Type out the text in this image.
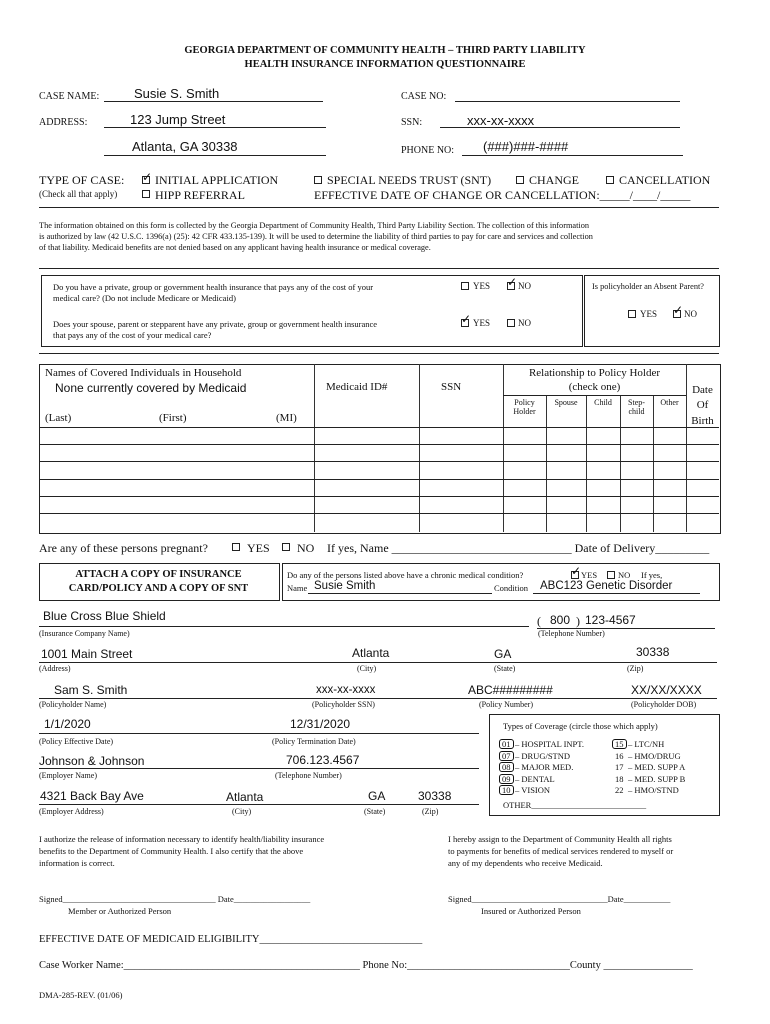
GEORGIA DEPARTMENT OF COMMUNITY HEALTH – THIRD PARTY LIABILITY
HEALTH INSURANCE INFORMATION QUESTIONNAIRE
CASE NAME:	Susie S. Smith	CASE NO:
ADDRESS:	123 Jump Street
Atlanta, GA 30338
SSN:	xxx-xx-xxxx
PHONE NO: (###)###-####
TYPE OF CASE:
(Check all that apply)
✓ INITIAL APPLICATION
HIPP REFERRAL
SPECIAL NEEDS TRUST (SNT)	CHANGE	CANCELLATION
EFFECTIVE DATE OF CHANGE OR CANCELLATION:_____/____/_____
The information obtained on this form is collected by the Georgia Department of Community Health, Third Party Liability Section. The collection of this information
is authorized by law (42 U.S.C. 1396(a) (25): 42 CFR 433.135-139). It will be used to determine the liability of third parties to pay for care and services and collection
of that liability. Medicaid benefits are not denied based on any applicant having health insurance or medical coverage.
Do you have a private, group or government health insurance that pays any of the cost of your
medical care? (Do not include Medicare or Medicaid)
YES ✓ NO
Does your spouse, parent or stepparent have any private, group or government health insurance
that pays any of the cost of your medical care?
✓ YES	NO
Is policyholder an Absent Parent?
YES ✓ NO
Names of Covered Individuals in Household
None currently covered by Medicaid
(Last)	(First)	(MI)
Medicaid ID#	SSN
Relationship to Policy Holder
(check one)
Policy
Holder
Spouse	Child	Step-
child
Other
Date
Of
Birth
Are any of these persons pregnant?	YES NO If yes, Name ______________________________ Date of Delivery_________
ATTACH A COPY OF INSURANCE
CARD/POLICY AND A COPY OF SNT
Do any of the persons listed above have a chronic medical condition?	✓ YES NO If yes,
Name Susie Smith	Condition ABC123 Genetic Disorder
Blue Cross Blue Shield
(Insurance Company Name)
( 800 ) 123-4567
(Telephone Number)
1001 Main Street
(Address)
Atlanta
(City)
GA
(State)
30338
(Zip)
Sam S. Smith
(Policyholder Name)
xxx-xx-xxxx
(Policyholder SSN)
ABC#########
(Policy Number)
XX/XX/XXXX
(Policyholder DOB)
1/1/2020
(Policy Effective Date)
12/31/2020
(Policy Termination Date)
Johnson & Johnson
(Employer Name)
706.123.4567
(Telephone Number)
4321 Back Bay Ave
(Employer Address)
Atlanta
(City)
GA
(State)
30338
(Zip)
Types of Coverage (circle those which apply)
01 – HOSPITAL INPT.
07 – DRUG/STND
08 – MAJOR MED.
09 – DENTAL
10 – VISION
15 – LTC/NH
16 – HMO/DRUG
17 – MED. SUPP A
18 – MED. SUPP B
22 – HMO/STND
OTHER___________________________
I authorize the release of information necessary to identify health/liability insurance
benefits to the Department of Community Health. I also certify that the above
information is correct.
I hereby assign to the Department of Community Health all rights
to payments for benefits of medical services rendered to myself or
any of my dependents who receive Medicaid.
Signed____________________________________ Date__________________
Member or Authorized Person
Signed________________________________Date___________
Insured or Authorized Person
EFFECTIVE DATE OF MEDICAID ELIGIBILITY_______________________________
Case Worker Name:_____________________________________________ Phone No:_______________________________County _________________
DMA-285-REV. (01/06)
